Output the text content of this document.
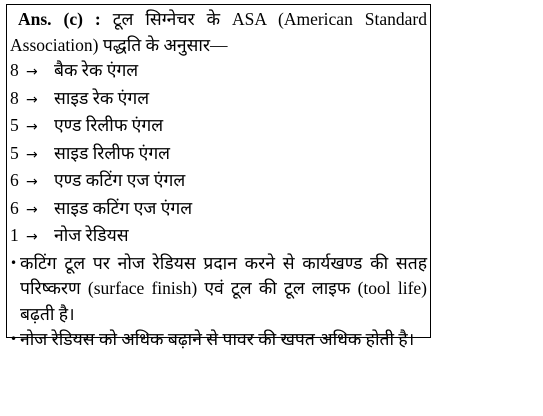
Ans. (c) : टूल सिग्नेचर के ASA (American Standard Association) पद्धति के अनुसार—

8 → बैक रेक एंगल
8 → साइड रेक एंगल
5 → एण्ड रिलीफ एंगल
5 → साइड रिलीफ एंगल
6 → एण्ड कटिंग एज एंगल
6 → साइड कटिंग एज एंगल
1 → नोज रेडियस
• कटिंग टूल पर नोज रेडियस प्रदान करने से कार्यखण्ड की सतह परिष्करण (surface finish) एवं टूल की टूल लाइफ (tool life) बढ़ती है।
• नोज रेडियस को अधिक बढ़ाने से पावर की खपत अधिक होती है।
